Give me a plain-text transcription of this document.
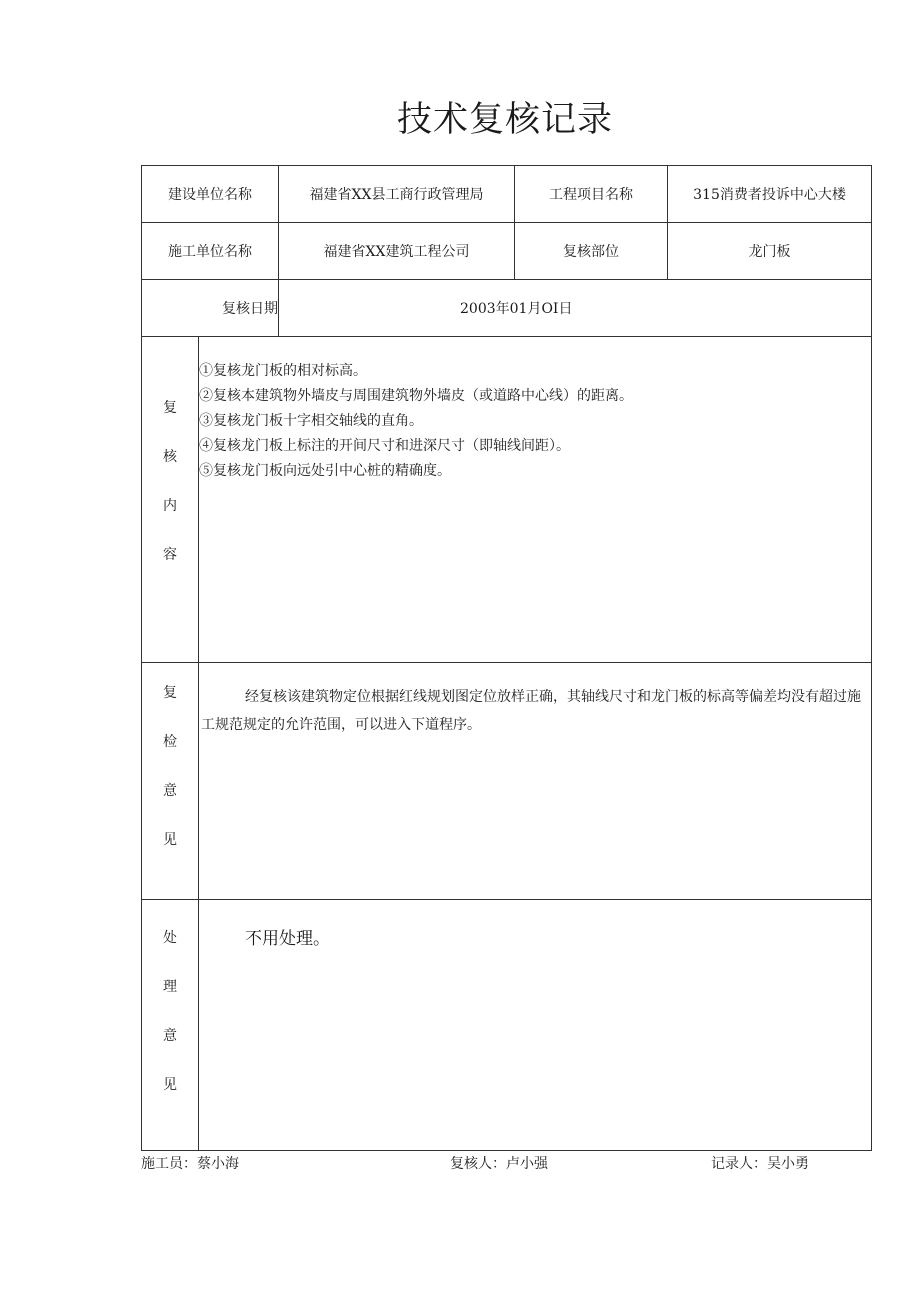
技术复核记录
建设单位名称		福建省XX县工商行政管理局	工程项目名称	315消费者投诉中心大楼
施工单位名称		福建省XX建筑工程公司	复核部位	龙门板
复核日期		2003年01月OI日		

复
核
内
容	①复核龙门板的相对标高。
②复核本建筑物外墙皮与周围建筑物外墙皮（或道路中心线）的距离。
③复核龙门板十字相交轴线的直角。
④复核龙门板上标注的开间尺寸和进深尺寸（即轴线间距）。
⑤复核龙门板向远处引中心桩的精确度。			

复
检
意
见	经复核该建筑物定位根据红线规划图定位放样正确，其轴线尺寸和龙门板的标高等偏差均没有超过施工规范规定的允许范围，可以进入下道程序。			

处
理
意
见	不用处理。			
施工员：蔡小海	复核人：卢小强	记录人：吴小勇
